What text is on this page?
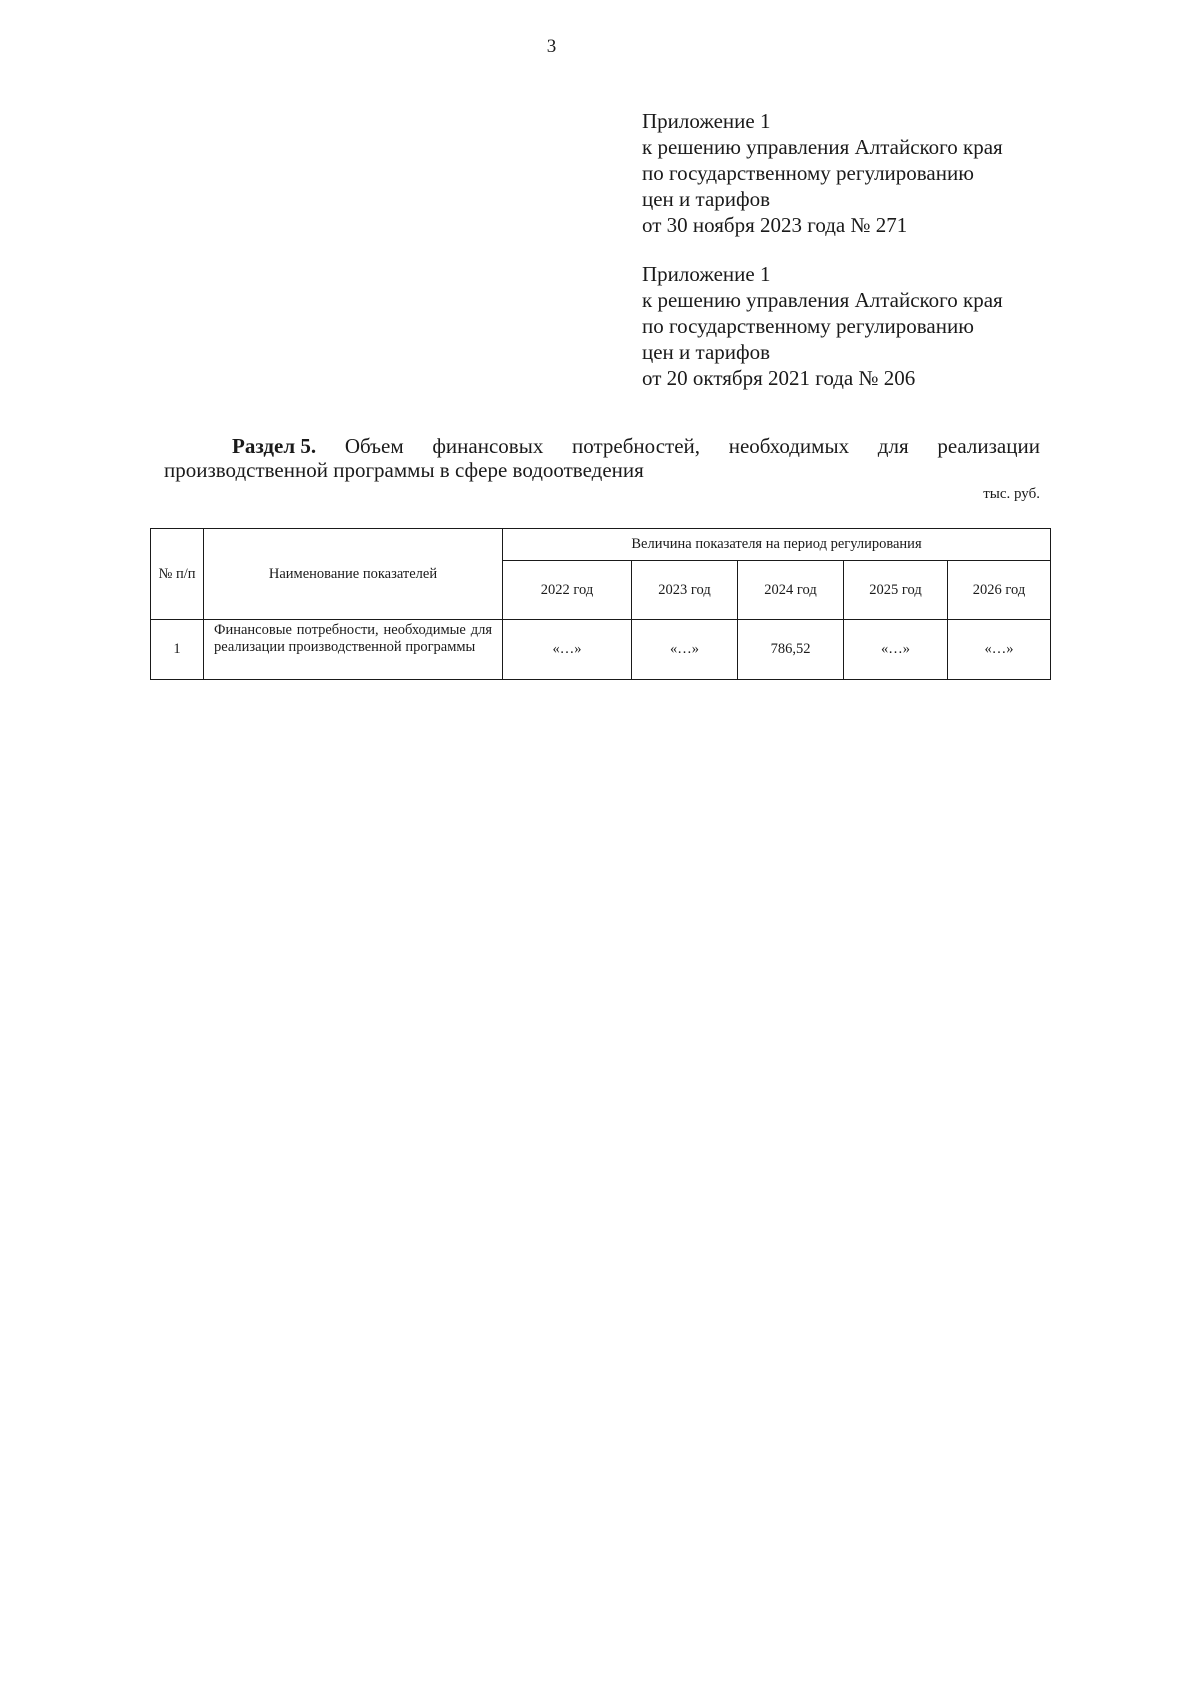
3
Приложение 1
к решению управления Алтайского края
по государственному регулированию
цен и тарифов
от 30 ноября 2023 года № 271
Приложение 1
к решению управления Алтайского края
по государственному регулированию
цен и тарифов
от 20 октября 2021 года № 206
Раздел 5. Объем финансовых потребностей, необходимых для реализации
производственной программы в сфере водоотведения
тыс. руб.
№ п/п	Наименование показателей	Величина показателя на период регулирования				
		2022 год	2023 год	2024 год	2025 год	2026 год
1	Финансовые потребности, необходимые для реализации производственной программы	«…»	«…»	786,52	«…»	«…»
